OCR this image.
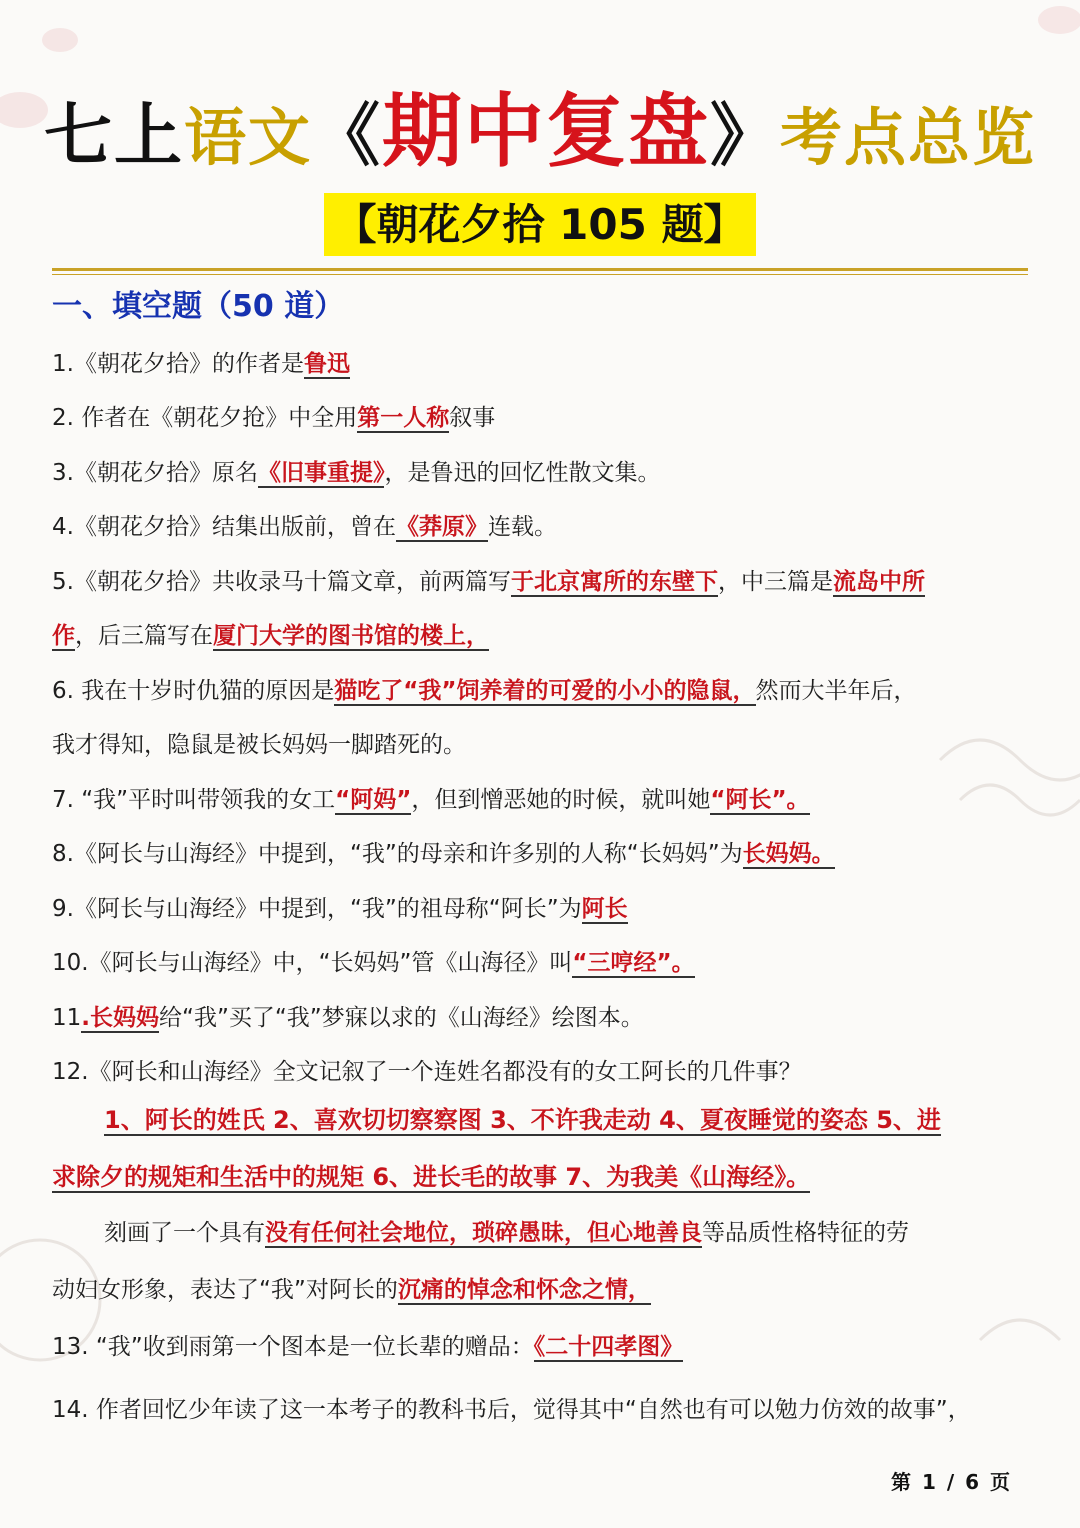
七上语文《期中复盘》考点总览
【朝花夕拾 105 题】
一、填空题（50 道）
1.《朝花夕拾》的作者是鲁迅
2. 作者在《朝花夕抢》中全用第一人称叙事
3.《朝花夕拾》原名《旧事重提》，是鲁迅的回忆性散文集。
4.《朝花夕拾》结集出版前，曾在《莽原》连载。
5.《朝花夕拾》共收录马十篇文章，前两篇写于北京寓所的东壁下，中三篇是流岛中所
作，后三篇写在厦门大学的图书馆的楼上，
6. 我在十岁时仇猫的原因是猫吃了“我”饲养着的可爱的小小的隐鼠，然而大半年后，
我才得知，隐鼠是被长妈妈一脚踏死的。
7. “我”平时叫带领我的女工“阿妈”，但到憎恶她的时候，就叫她“阿长”。
8.《阿长与山海经》中提到，“我”的母亲和许多别的人称“长妈妈”为长妈妈。
9.《阿长与山海经》中提到，“我”的祖母称“阿长”为阿长
10.《阿长与山海经》中，“长妈妈”管《山海径》叫“三哼经”。
11.长妈妈给“我”买了“我”梦寐以求的《山海经》绘图本。
12.《阿长和山海经》全文记叙了一个连姓名都没有的女工阿长的几件事？
1、阿长的姓氏 2、喜欢切切察察图 3、不许我走动 4、夏夜睡觉的姿态 5、进
求除夕的规矩和生活中的规矩 6、进长毛的故事 7、为我美《山海经》。
刻画了一个具有没有任何社会地位，琐碎愚昧，但心地善良等品质性格特征的劳
动妇女形象，表达了“我”对阿长的沉痛的悼念和怀念之情，
13. “我”收到雨第一个图本是一位长辈的赠品：《二十四孝图》
14. 作者回忆少年读了这一本考子的教科书后，觉得其中“自然也有可以勉力仿效的故事”，
第 1 / 6 页
